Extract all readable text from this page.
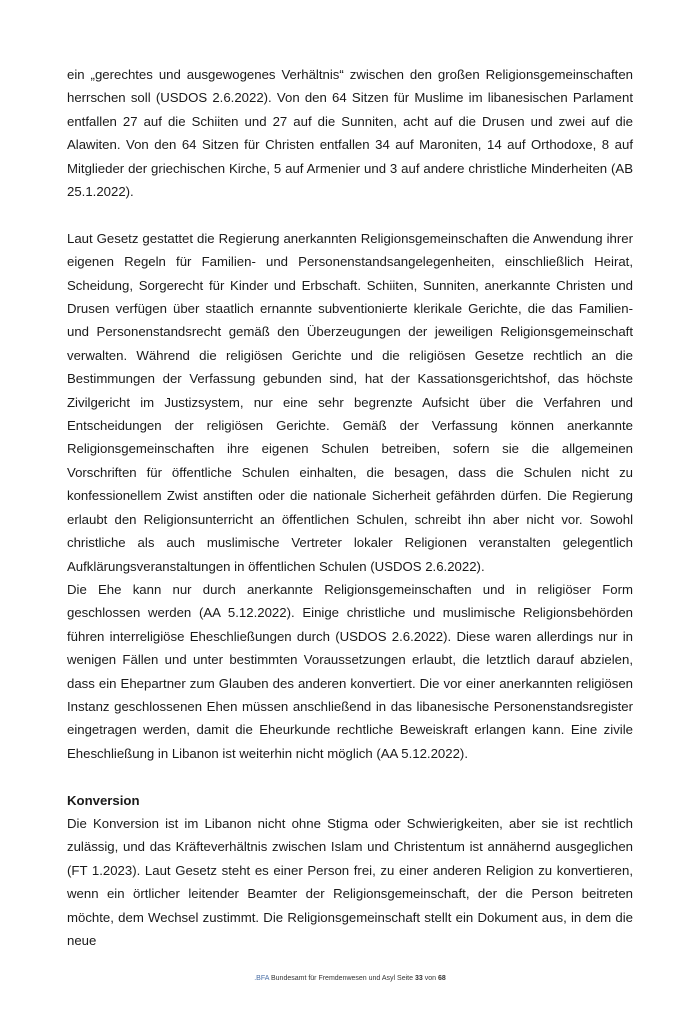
ein „gerechtes und ausgewogenes Verhältnis“ zwischen den großen Religionsgemeinschaften herrschen soll (USDOS 2.6.2022). Von den 64 Sitzen für Muslime im libanesischen Parlament entfallen 27 auf die Schiiten und 27 auf die Sunniten, acht auf die Drusen und zwei auf die Alawiten. Von den 64 Sitzen für Christen entfallen 34 auf Maroniten, 14 auf Orthodoxe, 8 auf Mitglieder der griechischen Kirche, 5 auf Armenier und 3 auf andere christliche Minderheiten (AB 25.1.2022).

Laut Gesetz gestattet die Regierung anerkannten Religionsgemeinschaften die Anwendung ihrer eigenen Regeln für Familien- und Personenstandsangelegenheiten, einschließlich Heirat, Scheidung, Sorgerecht für Kinder und Erbschaft. Schiiten, Sunniten, anerkannte Christen und Drusen verfügen über staatlich ernannte subventionierte klerikale Gerichte, die das Familien- und Personenstandsrecht gemäß den Überzeugungen der jeweiligen Religionsgemeinschaft verwalten. Während die religiösen Gerichte und die religiösen Gesetze rechtlich an die Bestimmungen der Verfassung gebunden sind, hat der Kassationsgerichtshof, das höchste Zivilgericht im Justizsystem, nur eine sehr begrenzte Aufsicht über die Verfahren und Entscheidungen der religiösen Gerichte. Gemäß der Verfassung können anerkannte Religionsgemeinschaften ihre eigenen Schulen betreiben, sofern sie die allgemeinen Vorschriften für öffentliche Schulen einhalten, die besagen, dass die Schulen nicht zu konfessionellem Zwist anstiften oder die nationale Sicherheit gefährden dürfen. Die Regierung erlaubt den Religionsunterricht an öffentlichen Schulen, schreibt ihn aber nicht vor. Sowohl christliche als auch muslimische Vertreter lokaler Religionen veranstalten gelegentlich Aufklärungsveranstaltungen in öffentlichen Schulen (USDOS 2.6.2022).

Die Ehe kann nur durch anerkannte Religionsgemeinschaften und in religiöser Form geschlossen werden (AA 5.12.2022). Einige christliche und muslimische Religionsbehörden führen interreligiöse Eheschließungen durch (USDOS 2.6.2022). Diese waren allerdings nur in wenigen Fällen und unter bestimmten Voraussetzungen erlaubt, die letztlich darauf abzielen, dass ein Ehepartner zum Glauben des anderen konvertiert. Die vor einer anerkannten religiösen Instanz geschlossenen Ehen müssen anschließend in das libanesische Personenstandsregister eingetragen werden, damit die Eheurkunde rechtliche Beweiskraft erlangen kann. Eine zivile Eheschließung in Libanon ist weiterhin nicht möglich (AA 5.12.2022).

Konversion

Die Konversion ist im Libanon nicht ohne Stigma oder Schwierigkeiten, aber sie ist rechtlich zulässig, und das Kräfteverhältnis zwischen Islam und Christentum ist annähernd ausgeglichen (FT 1.2023). Laut Gesetz steht es einer Person frei, zu einer anderen Religion zu konvertieren, wenn ein örtlicher leitender Beamter der Religionsgemeinschaft, der die Person beitreten möchte, dem Wechsel zustimmt. Die Religionsgemeinschaft stellt ein Dokument aus, in dem die neue

.BFA Bundesamt für Fremdenwesen und Asyl Seite 33 von 68
